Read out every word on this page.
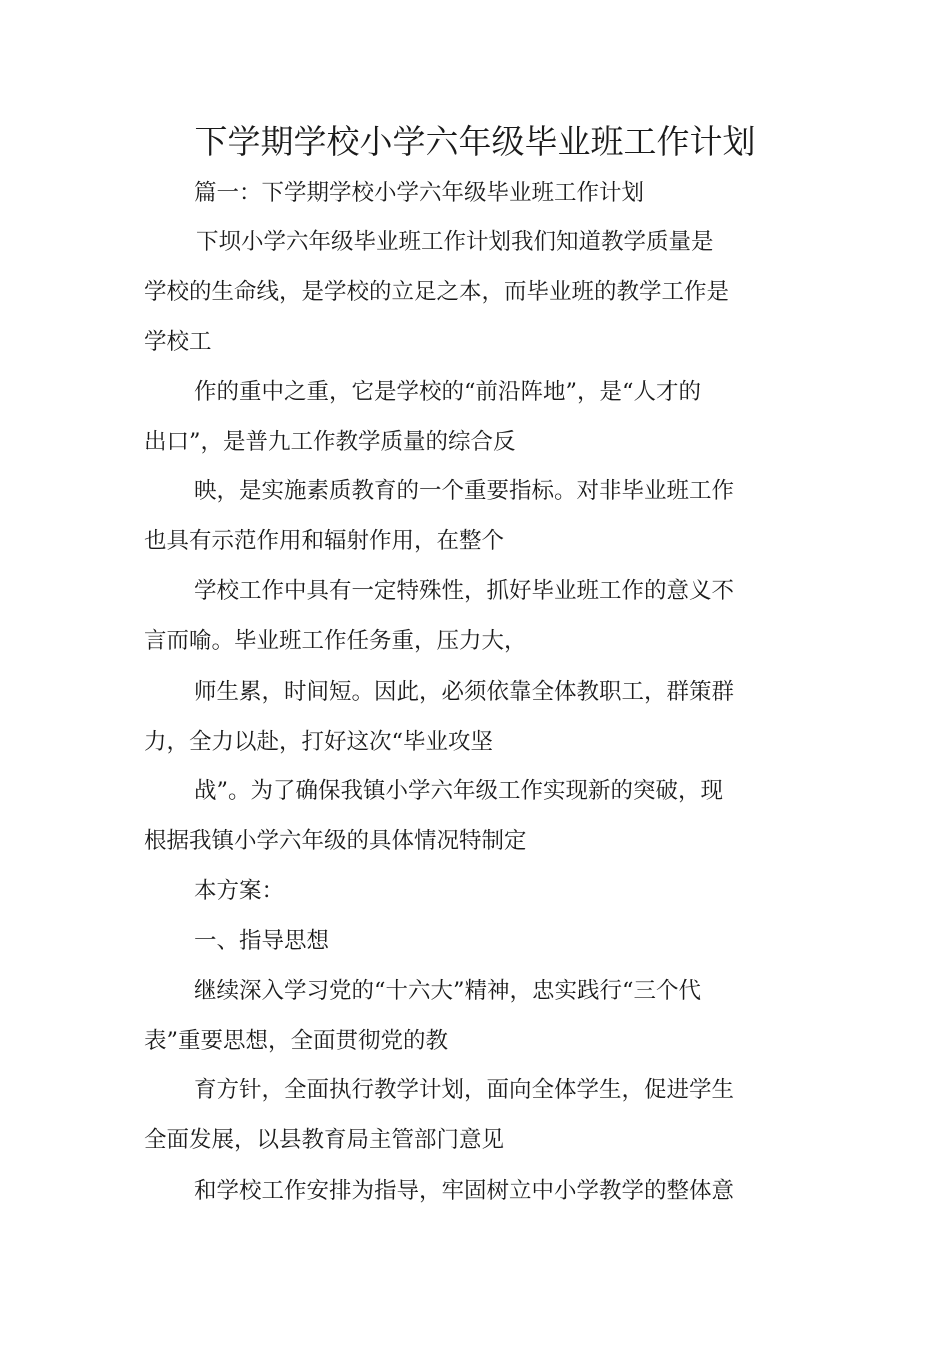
下学期学校小学六年级毕业班工作计划
篇一：下学期学校小学六年级毕业班工作计划
下坝小学六年级毕业班工作计划我们知道教学质量是
学校的生命线，是学校的立足之本，而毕业班的教学工作是
学校工
作的重中之重，它是学校的“前沿阵地”，是“人才的
出口”，是普九工作教学质量的综合反
映，是实施素质教育的一个重要指标。对非毕业班工作
也具有示范作用和辐射作用，在整个
学校工作中具有一定特殊性，抓好毕业班工作的意义不
言而喻。毕业班工作任务重，压力大，
师生累，时间短。因此，必须依靠全体教职工，群策群
力，全力以赴，打好这次“毕业攻坚
战”。为了确保我镇小学六年级工作实现新的突破，现
根据我镇小学六年级的具体情况特制定
本方案：
一、指导思想
继续深入学习党的“十六大”精神，忠实践行“三个代
表”重要思想，全面贯彻党的教
育方针，全面执行教学计划，面向全体学生，促进学生
全面发展，以县教育局主管部门意见
和学校工作安排为指导，牢固树立中小学教学的整体意
